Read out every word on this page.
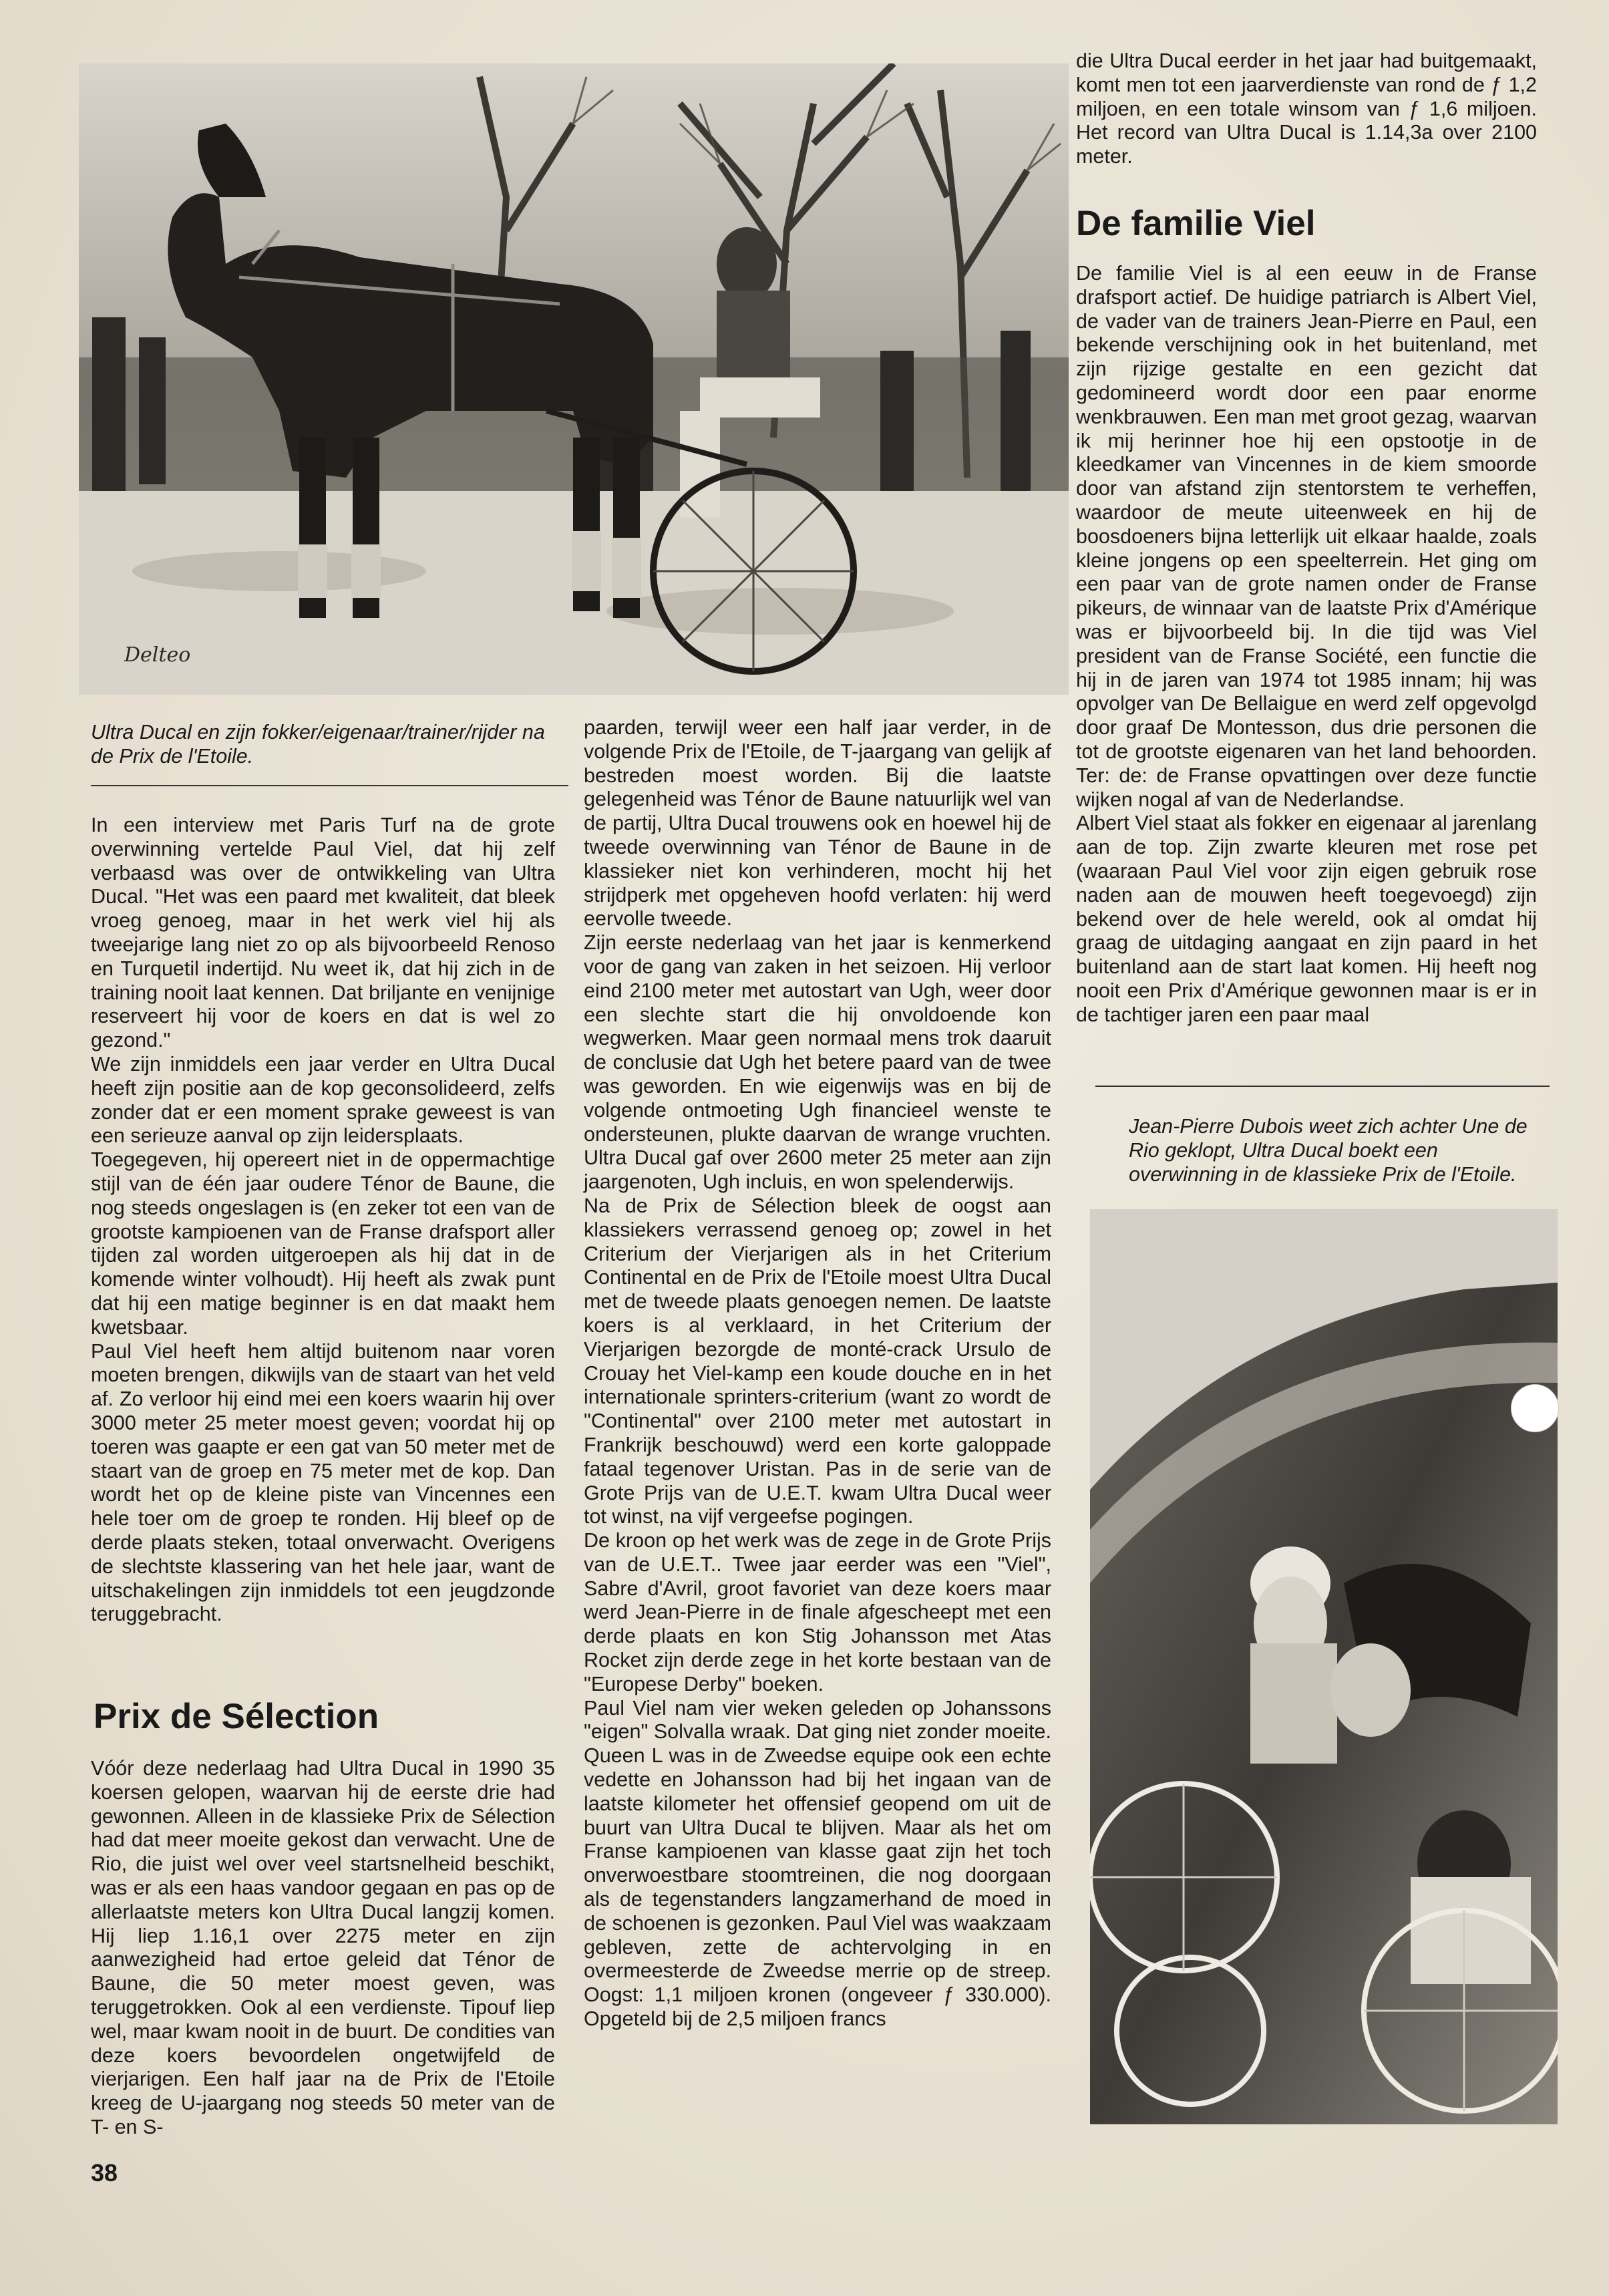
Delteo
Ultra Ducal en zijn fokker/eigenaar/trainer/rijder na de Prix de l'Etoile.

In een interview met Paris Turf na de grote overwinning vertelde Paul Viel, dat hij zelf verbaasd was over de ontwikkeling van Ultra Ducal. "Het was een paard met kwaliteit, dat bleek vroeg genoeg, maar in het werk viel hij als tweejarige lang niet zo op als bijvoorbeeld Renoso en Turquetil indertijd. Nu weet ik, dat hij zich in de training nooit laat kennen. Dat briljante en venijnige reserveert hij voor de koers en dat is wel zo gezond."

We zijn inmiddels een jaar verder en Ultra Ducal heeft zijn positie aan de kop geconsolideerd, zelfs zonder dat er een moment sprake geweest is van een serieuze aanval op zijn leidersplaats.

Toegegeven, hij opereert niet in de oppermachtige stijl van de één jaar oudere Ténor de Baune, die nog steeds ongeslagen is (en zeker tot een van de grootste kampioenen van de Franse drafsport aller tijden zal worden uitgeroepen als hij dat in de komende winter volhoudt). Hij heeft als zwak punt dat hij een matige beginner is en dat maakt hem kwetsbaar.

Paul Viel heeft hem altijd buitenom naar voren moeten brengen, dikwijls van de staart van het veld af. Zo verloor hij eind mei een koers waarin hij over 3000 meter 25 meter moest geven; voordat hij op toeren was gaapte er een gat van 50 meter met de staart van de groep en 75 meter met de kop. Dan wordt het op de kleine piste van Vincennes een hele toer om de groep te ronden. Hij bleef op de derde plaats steken, totaal onverwacht. Overigens de slechtste klassering van het hele jaar, want de uitschakelingen zijn inmiddels tot een jeugdzonde teruggebracht.

Prix de Sélection

Vóór deze nederlaag had Ultra Ducal in 1990 35 koersen gelopen, waarvan hij de eerste drie had gewonnen. Alleen in de klassieke Prix de Sélection had dat meer moeite gekost dan verwacht. Une de Rio, die juist wel over veel startsnelheid beschikt, was er als een haas vandoor gegaan en pas op de allerlaatste meters kon Ultra Ducal langzij komen. Hij liep 1.16,1 over 2275 meter en zijn aanwezigheid had ertoe geleid dat Ténor de Baune, die 50 meter moest geven, was teruggetrokken. Ook al een verdienste. Tipouf liep wel, maar kwam nooit in de buurt. De condities van deze koers bevoordelen ongetwijfeld de vierjarigen. Een half jaar na de Prix de l'Etoile kreeg de U-jaargang nog steeds 50 meter van de T- en S-

paarden, terwijl weer een half jaar verder, in de volgende Prix de l'Etoile, de T-jaargang van gelijk af bestreden moest worden. Bij die laatste gelegenheid was Ténor de Baune natuurlijk wel van de partij, Ultra Ducal trouwens ook en hoewel hij de tweede overwinning van Ténor de Baune in de klassieker niet kon verhinderen, mocht hij het strijdperk met opgeheven hoofd verlaten: hij werd eervolle tweede.

Zijn eerste nederlaag van het jaar is kenmerkend voor de gang van zaken in het seizoen. Hij verloor eind 2100 meter met autostart van Ugh, weer door een slechte start die hij onvoldoende kon wegwerken. Maar geen normaal mens trok daaruit de conclusie dat Ugh het betere paard van de twee was geworden. En wie eigenwijs was en bij de volgende ontmoeting Ugh financieel wenste te ondersteunen, plukte daarvan de wrange vruchten. Ultra Ducal gaf over 2600 meter 25 meter aan zijn jaargenoten, Ugh incluis, en won spelenderwijs.

Na de Prix de Sélection bleek de oogst aan klassiekers verrassend genoeg op; zowel in het Criterium der Vierjarigen als in het Criterium Continental en de Prix de l'Etoile moest Ultra Ducal met de tweede plaats genoegen nemen. De laatste koers is al verklaard, in het Criterium der Vierjarigen bezorgde de monté-crack Ursulo de Crouay het Viel-kamp een koude douche en in het internationale sprinters-criterium (want zo wordt de "Continental" over 2100 meter met autostart in Frankrijk beschouwd) werd een korte galoppade fataal tegenover Uristan. Pas in de serie van de Grote Prijs van de U.E.T. kwam Ultra Ducal weer tot winst, na vijf vergeefse pogingen.

De kroon op het werk was de zege in de Grote Prijs van de U.E.T.. Twee jaar eerder was een "Viel", Sabre d'Avril, groot favoriet van deze koers maar werd Jean-Pierre in de finale afgescheept met een derde plaats en kon Stig Johansson met Atas Rocket zijn derde zege in het korte bestaan van de "Europese Derby" boeken.

Paul Viel nam vier weken geleden op Johanssons "eigen" Solvalla wraak. Dat ging niet zonder moeite. Queen L was in de Zweedse equipe ook een echte vedette en Johansson had bij het ingaan van de laatste kilometer het offensief geopend om uit de buurt van Ultra Ducal te blijven. Maar als het om Franse kampioenen van klasse gaat zijn het toch onverwoestbare stoomtreinen, die nog doorgaan als de tegenstanders langzamerhand de moed in de schoenen is gezonken. Paul Viel was waakzaam gebleven, zette de achtervolging in en overmeesterde de Zweedse merrie op de streep. Oogst: 1,1 miljoen kronen (ongeveer ƒ 330.000). Opgeteld bij de 2,5 miljoen francs

die Ultra Ducal eerder in het jaar had buitgemaakt, komt men tot een jaarverdienste van rond de ƒ 1,2 miljoen, en een totale winsom van ƒ 1,6 miljoen. Het record van Ultra Ducal is 1.14,3a over 2100 meter.

De familie Viel

De familie Viel is al een eeuw in de Franse drafsport actief. De huidige patriarch is Albert Viel, de vader van de trainers Jean-Pierre en Paul, een bekende verschijning ook in het buitenland, met zijn rijzige gestalte en een gezicht dat gedomineerd wordt door een paar enorme wenkbrauwen. Een man met groot gezag, waarvan ik mij herinner hoe hij een opstootje in de kleedkamer van Vincennes in de kiem smoorde door van afstand zijn stentorstem te verheffen, waardoor de meute uiteenweek en hij de boosdoeners bijna letterlijk uit elkaar haalde, zoals kleine jongens op een speelterrein. Het ging om een paar van de grote namen onder de Franse pikeurs, de winnaar van de laatste Prix d'Amérique was er bijvoorbeeld bij. In die tijd was Viel president van de Franse Société, een functie die hij in de jaren van 1974 tot 1985 innam; hij was opvolger van De Bellaigue en werd zelf opgevolgd door graaf De Montesson, dus drie personen die tot de grootste eigenaren van het land behoorden. Ter: de: de Franse opvattingen over deze functie wijken nogal af van de Nederlandse.

Albert Viel staat als fokker en eigenaar al jarenlang aan de top. Zijn zwarte kleuren met rose pet (waaraan Paul Viel voor zijn eigen gebruik rose naden aan de mouwen heeft toegevoegd) zijn bekend over de hele wereld, ook al omdat hij graag de uitdaging aangaat en zijn paard in het buitenland aan de start laat komen. Hij heeft nog nooit een Prix d'Amérique gewonnen maar is er in de tachtiger jaren een paar maal

Jean-Pierre Dubois weet zich achter Une de Rio geklopt, Ultra Ducal boekt een overwinning in de klassieke Prix de l'Etoile.
38
